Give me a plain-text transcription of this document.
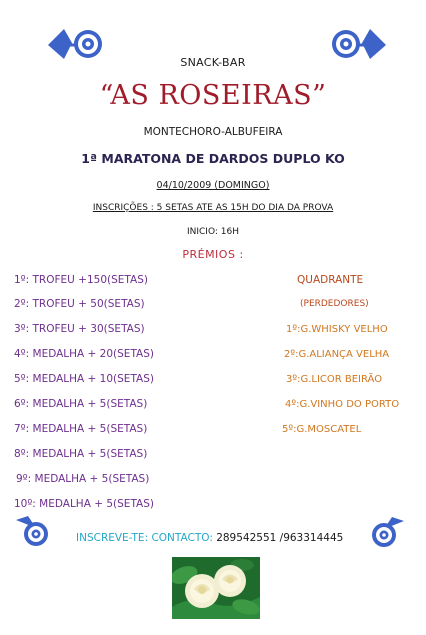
SNACK-BAR
“AS ROSEIRAS”
MONTECHORO-ALBUFEIRA
1ª MARATONA DE DARDOS DUPLO KO
04/10/2009 (DOMINGO)
INSCRIÇÕES : 5 SETAS ATE AS 15H DO DIA DA PROVA
INICIO: 16H
PRÉMIOS :
1º: TROFEU +150(SETAS)
2º: TROFEU + 50(SETAS)
3º: TROFEU + 30(SETAS)
4º: MEDALHA + 20(SETAS)
5º: MEDALHA + 10(SETAS)
6º: MEDALHA + 5(SETAS)
7º: MEDALHA + 5(SETAS)
8º: MEDALHA + 5(SETAS)
9º: MEDALHA + 5(SETAS)
10º: MEDALHA + 5(SETAS)
QUADRANTE
(PERDEDORES)
1º:G.WHISKY VELHO
2º:G.ALIANÇA VELHA
3º:G.LICOR BEIRÃO
4º:G.VINHO DO PORTO
5º:G.MOSCATEL
INSCREVE-TE: CONTACTO: 289542551 /963314445
